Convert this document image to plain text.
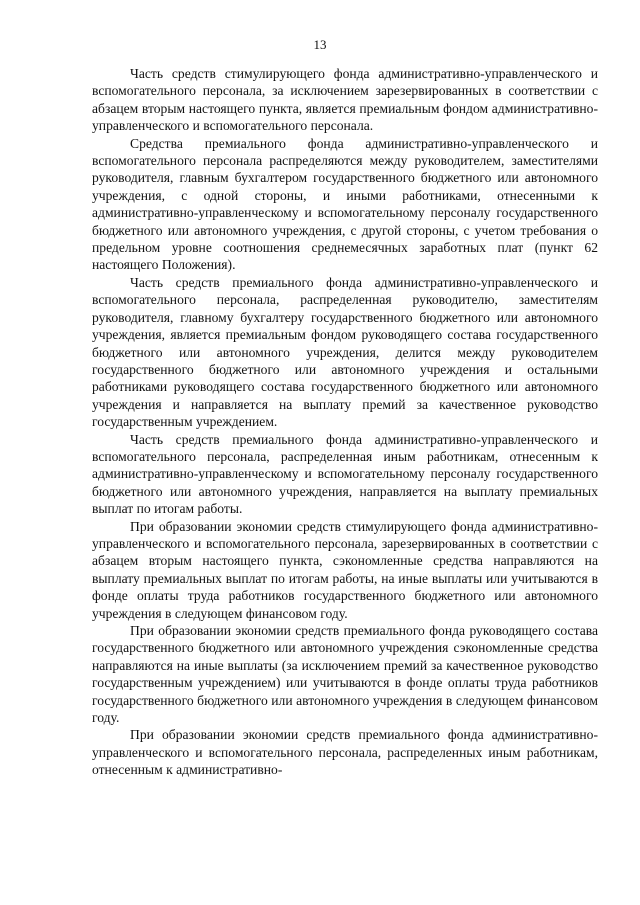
13

Часть средств стимулирующего фонда административно-управленческого и вспомогательного персонала, за исключением зарезервированных в соответствии с абзацем вторым настоящего пункта, является премиальным фондом административно-управленческого и вспомогательного персонала.

Средства премиального фонда административно-управленческого и вспомогательного персонала распределяются между руководителем, заместителями руководителя, главным бухгалтером государственного бюджетного или автономного учреждения, с одной стороны, и иными работниками, отнесенными к административно-управленческому и вспомогательному персоналу государственного бюджетного или автономного учреждения, с другой стороны, с учетом требования о предельном уровне соотношения среднемесячных заработных плат (пункт 62 настоящего Положения).

Часть средств премиального фонда административно-управленческого и вспомогательного персонала, распределенная руководителю, заместителям руководителя, главному бухгалтеру государственного бюджетного или автономного учреждения, является премиальным фондом руководящего состава государственного бюджетного или автономного учреждения, делится между руководителем государственного бюджетного или автономного учреждения и остальными работниками руководящего состава государственного бюджетного или автономного учреждения и направляется на выплату премий за качественное руководство государственным учреждением.

Часть средств премиального фонда административно-управленческого и вспомогательного персонала, распределенная иным работникам, отнесенным к административно-управленческому и вспомогательному персоналу государственного бюджетного или автономного учреждения, направляется на выплату премиальных выплат по итогам работы.

При образовании экономии средств стимулирующего фонда административно-управленческого и вспомогательного персонала, зарезервированных в соответствии с абзацем вторым настоящего пункта, сэкономленные средства направляются на выплату премиальных выплат по итогам работы, на иные выплаты или учитываются в фонде оплаты труда работников государственного бюджетного или автономного учреждения в следующем финансовом году.

При образовании экономии средств премиального фонда руководящего состава государственного бюджетного или автономного учреждения сэкономленные средства направляются на иные выплаты (за исключением премий за качественное руководство государственным учреждением) или учитываются в фонде оплаты труда работников государственного бюджетного или автономного учреждения в следующем финансовом году.

При образовании экономии средств премиального фонда административно-управленческого и вспомогательного персонала, распределенных иным работникам, отнесенным к административно-
